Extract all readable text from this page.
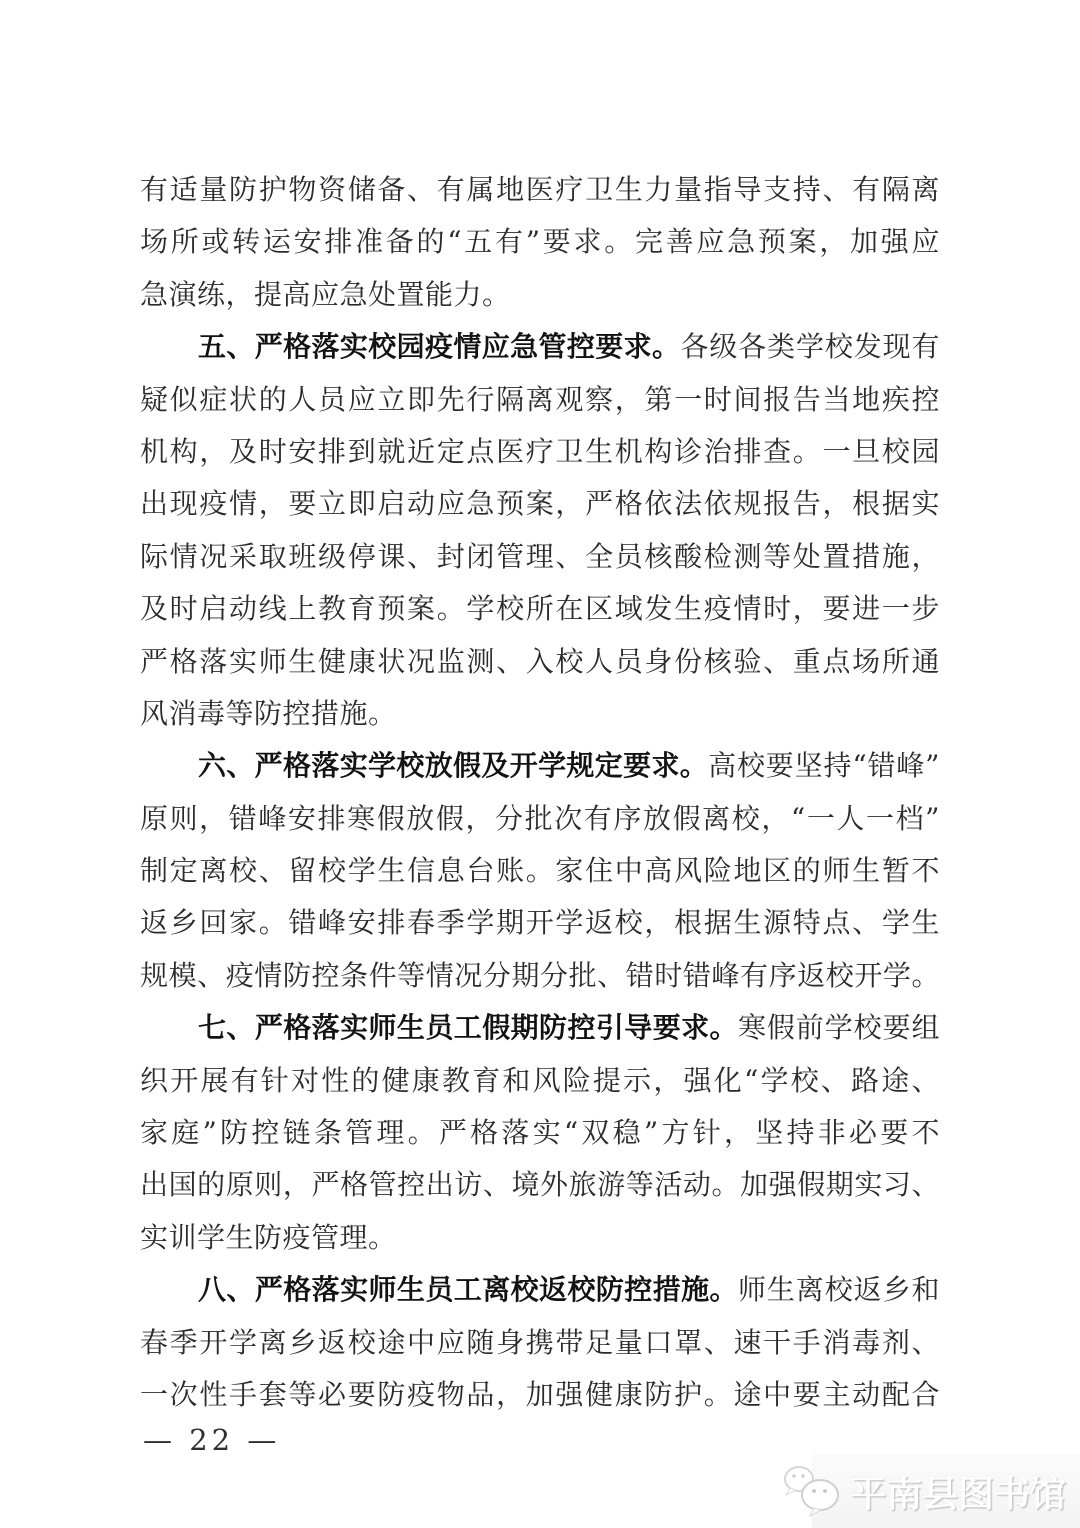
有适量防护物资储备、有属地医疗卫生力量指导支持、有隔离
场所或转运安排准备的“五有”要求。完善应急预案，加强应
急演练，提高应急处置能力。
五、严格落实校园疫情应急管控要求。各级各类学校发现有
疑似症状的人员应立即先行隔离观察，第一时间报告当地疾控
机构，及时安排到就近定点医疗卫生机构诊治排查。一旦校园
出现疫情，要立即启动应急预案，严格依法依规报告，根据实
际情况采取班级停课、封闭管理、全员核酸检测等处置措施，
及时启动线上教育预案。学校所在区域发生疫情时，要进一步
严格落实师生健康状况监测、入校人员身份核验、重点场所通
风消毒等防控措施。
六、严格落实学校放假及开学规定要求。高校要坚持“错峰”
原则，错峰安排寒假放假，分批次有序放假离校，“一人一档”
制定离校、留校学生信息台账。家住中高风险地区的师生暂不
返乡回家。错峰安排春季学期开学返校，根据生源特点、学生
规模、疫情防控条件等情况分期分批、错时错峰有序返校开学。
七、严格落实师生员工假期防控引导要求。寒假前学校要组
织开展有针对性的健康教育和风险提示，强化“学校、路途、
家庭”防控链条管理。严格落实“双稳”方针，坚持非必要不
出国的原则，严格管控出访、境外旅游等活动。加强假期实习、
实训学生防疫管理。
八、严格落实师生员工离校返校防控措施。师生离校返乡和
春季开学离乡返校途中应随身携带足量口罩、速干手消毒剂、
一次性手套等必要防疫物品，加强健康防护。途中要主动配合
— 22 —
平南县图书馆
